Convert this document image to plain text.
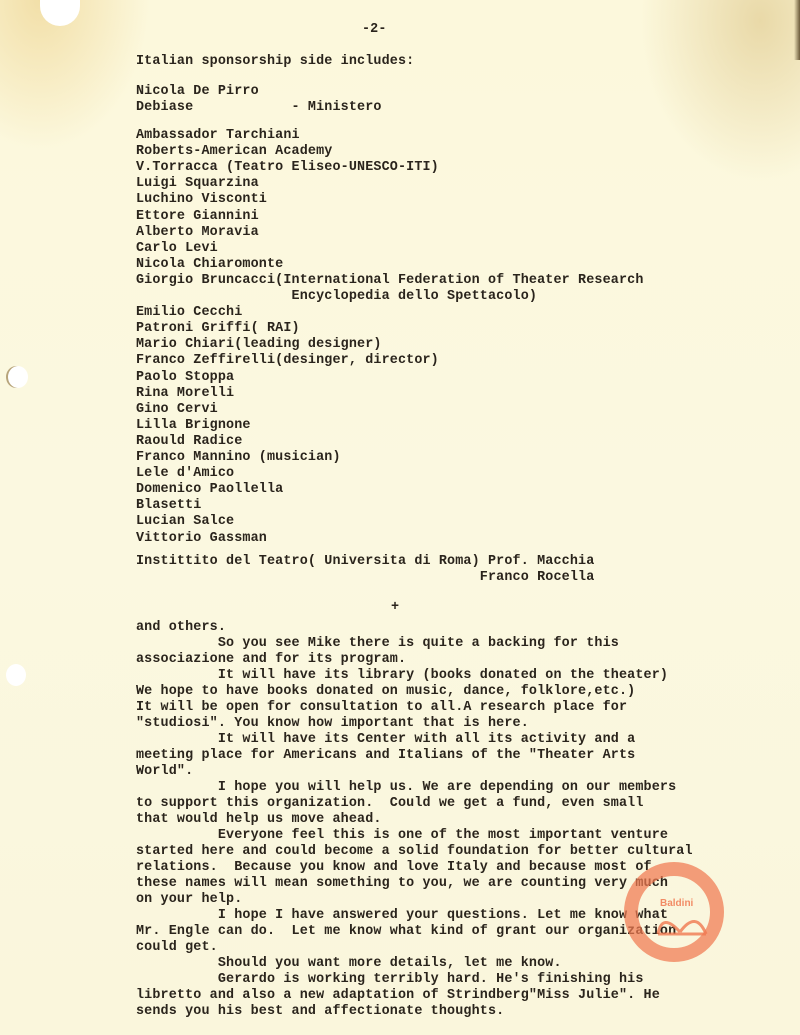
-2-
Italian sponsorship side includes:
Nicola De Pirro
Debiase            - Ministero
Ambassador Tarchiani
Roberts-American Academy
V.Torracca (Teatro Eliseo-UNESCO-ITI)
Luigi Squarzina
Luchino Visconti
Ettore Giannini
Alberto Moravia
Carlo Levi
Nicola Chiaromonte
Giorgio Bruncacci(International Federation of Theater Research
Encyclopedia dello Spettacolo)
Emilio Cecchi
Patroni Griffi( RAI)
Mario Chiari(leading designer)
Franco Zeffirelli(desinger, director)
Paolo Stoppa
Rina Morelli
Gino Cervi
Lilla Brignone
Raould Radice
Franco Mannino (musician)
Lele d'Amico
Domenico Paollella
Blasetti
Lucian Salce
Vittorio Gassman
Instittito del Teatro( Universita di Roma) Prof. Macchia
Franco Rocella
+
and others.
So you see Mike there is quite a backing for this
associazione and for its program.
It will have its library (books donated on the theater)
We hope to have books donated on music, dance, folklore,etc.)
It will be open for consultation to all.A research place for
"studiosi". You know how important that is here.
It will have its Center with all its activity and a
meeting place for Americans and Italians of the "Theater Arts
World".
I hope you will help us. We are depending on our members
to support this organization.  Could we get a fund, even small
that would help us move ahead.
Everyone feel this is one of the most important venture
started here and could become a solid foundation for better cultural
relations.  Because you know and love Italy and because most of
these names will mean something to you, we are counting very much
on your help.
I hope I have answered your questions. Let me know what
Mr. Engle can do.  Let me know what kind of grant our organization
could get.
Should you want more details, let me know.
Gerardo is working terribly hard. He's finishing his
libretto and also a new adaptation of Strindberg"Miss Julie". He
sends you his best and affectionate thoughts.
Baldini
